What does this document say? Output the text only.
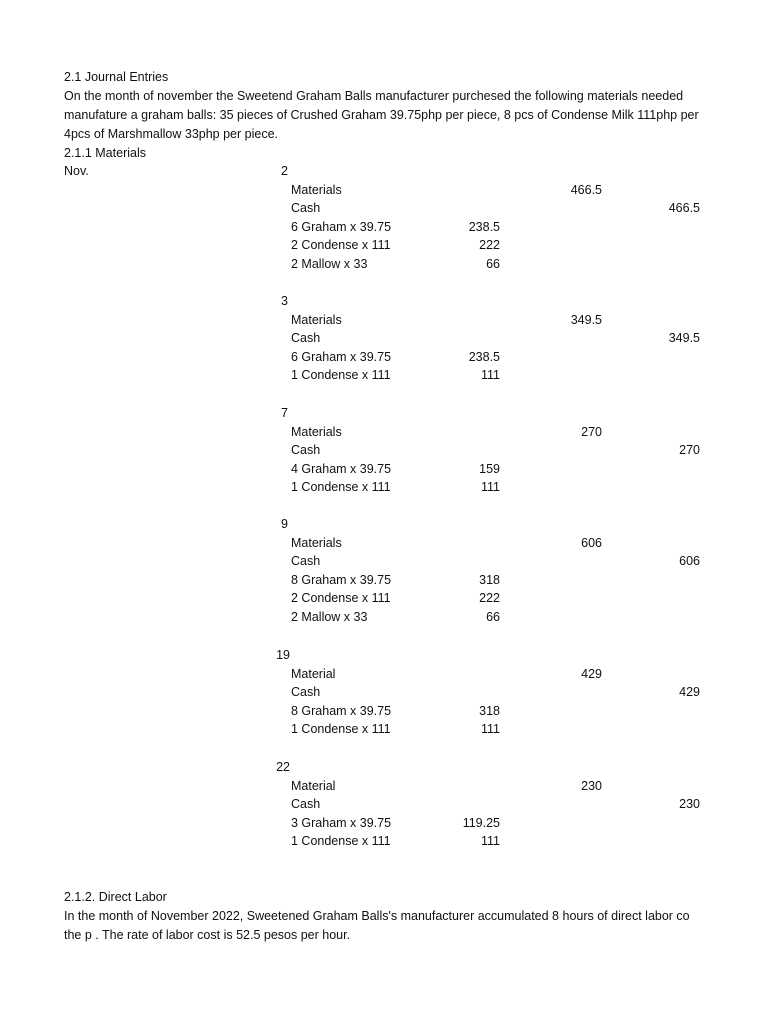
2.1 Journal Entries
On the month of november the Sweetend Graham Balls manufacturer purchesed the following materials needed
manufature a graham balls: 35 pieces of Crushed Graham 39.75php per piece, 8 pcs of Condense Milk 111php per
4pcs of Marshmallow 33php per piece.
2.1.1 Materials
Nov.	2
Materials	466.5
Cash	466.5
6 Graham x 39.75	238.5
2 Condense x 111	222
2 Mallow x 33	66
3
Materials	349.5
Cash	349.5
6 Graham x 39.75	238.5
1 Condense x 111	111
7
Materials	270
Cash	270
4 Graham x 39.75	159
1 Condense x 111	111
9
Materials	606
Cash	606
8 Graham x 39.75	318
2 Condense x 111	222
2 Mallow x 33	66
19
Material	429
Cash	429
8 Graham x 39.75	318
1 Condense x 111	111
22
Material	230
Cash	230
3 Graham x 39.75	119.25
1 Condense x 111	111
2.1.2. Direct Labor
In the month of November 2022, Sweetened Graham Balls's manufacturer accumulated 8 hours of direct labor co
the p . The rate of labor cost is 52.5 pesos per hour.
